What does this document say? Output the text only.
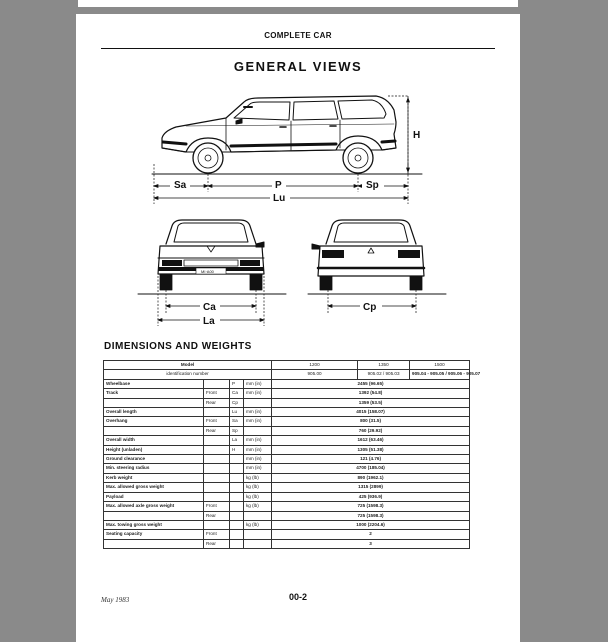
COMPLETE CAR
GENERAL VIEWS
Sa	P	Sp
Lu
H
MI·A00
Ca
La
Cp
DIMENSIONS AND WEIGHTS
Model				1200	1350	1500
identification number				905.00	905.02 / 905.03	905.04 - 905.05 / 905.06 - 905.07
Wheelbase		P	mm (in)	2455 (96.65)		
Track	Front	Ca	mm (in)	1392 (54.8)		
	Rear	Cp		1359 (53.5)		
Overall length		Lu	mm (in)	4015 (158.07)		
Overhang	Front	Sa	mm (in)	800 (31.5)		
	Rear	Sp		760 (29.92)		
Overall width		La	mm (in)	1612 (63.46)		
Height (unladen)		H	mm (in)	1305 (51.38)		
Ground clearance			mm (in)	121 (4.76)		
Min. steering radius			mm (in)	4700 (185.04)		
Kerb weight			kg (lb)	890 (1962.1)		
Max. allowed gross weight			kg (lb)	1315 (2899)		
Payload			kg (lb)	425 (936.9)		
Max. allowed axle gross weight	Front		kg (lb)	725 (1598.3)		
	Rear			725 (1598.3)		
Max. towing gross weight			kg (lb)	1000 (2204.6)		
Seating capacity	Front			2		
	Rear			3		
May 1983	00-2
